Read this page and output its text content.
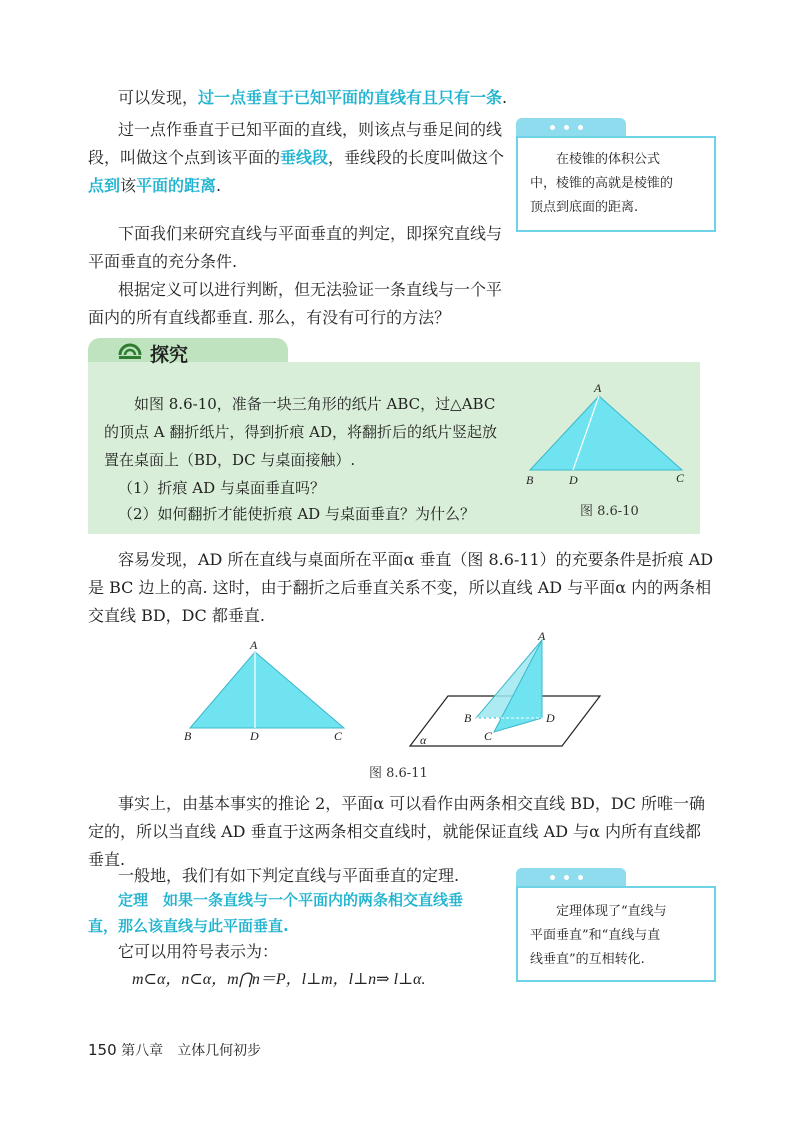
可以发现，过一点垂直于已知平面的直线有且只有一条.
过一点作垂直于已知平面的直线，则该点与垂足间的线
段，叫做这个点到该平面的垂线段，垂线段的长度叫做这个
点到该平面的距离.
在棱锥的体积公式
中，棱锥的高就是棱锥的
顶点到底面的距离.
下面我们来研究直线与平面垂直的判定，即探究直线与
平面垂直的充分条件.
根据定义可以进行判断，但无法验证一条直线与一个平
面内的所有直线都垂直. 那么，有没有可行的方法？
探究
如图 8.6-10，准备一块三角形的纸片 ABC，过△ABC
的顶点 A 翻折纸片，得到折痕 AD，将翻折后的纸片竖起放
置在桌面上（BD，DC 与桌面接触）.
（1）折痕 AD 与桌面垂直吗？
（2）如何翻折才能使折痕 AD 与桌面垂直？为什么？
A
B	D	C
图 8.6-10
容易发现，AD 所在直线与桌面所在平面α 垂直（图 8.6-11）的充要条件是折痕 AD
是 BC 边上的高. 这时，由于翻折之后垂直关系不变，所以直线 AD 与平面α 内的两条相
交直线 BD，DC 都垂直.
A
B	D	C	α
A
B	D
C
图 8.6-11
事实上，由基本事实的推论 2，平面α 可以看作由两条相交直线 BD，DC 所唯一确
定的，所以当直线 AD 垂直于这两条相交直线时，就能保证直线 AD 与α 内所有直线都
垂直.
一般地，我们有如下判定直线与平面垂直的定理.
定理　如果一条直线与一个平面内的两条相交直线垂
直，那么该直线与此平面垂直.
它可以用符号表示为：
m⊂α，n⊂α，m⋂n＝P，l⊥m，l⊥n⇒ l⊥α.
定理体现了“直线与
平面垂直”和“直线与直
线垂直”的互相转化.
150 第八章　立体几何初步
